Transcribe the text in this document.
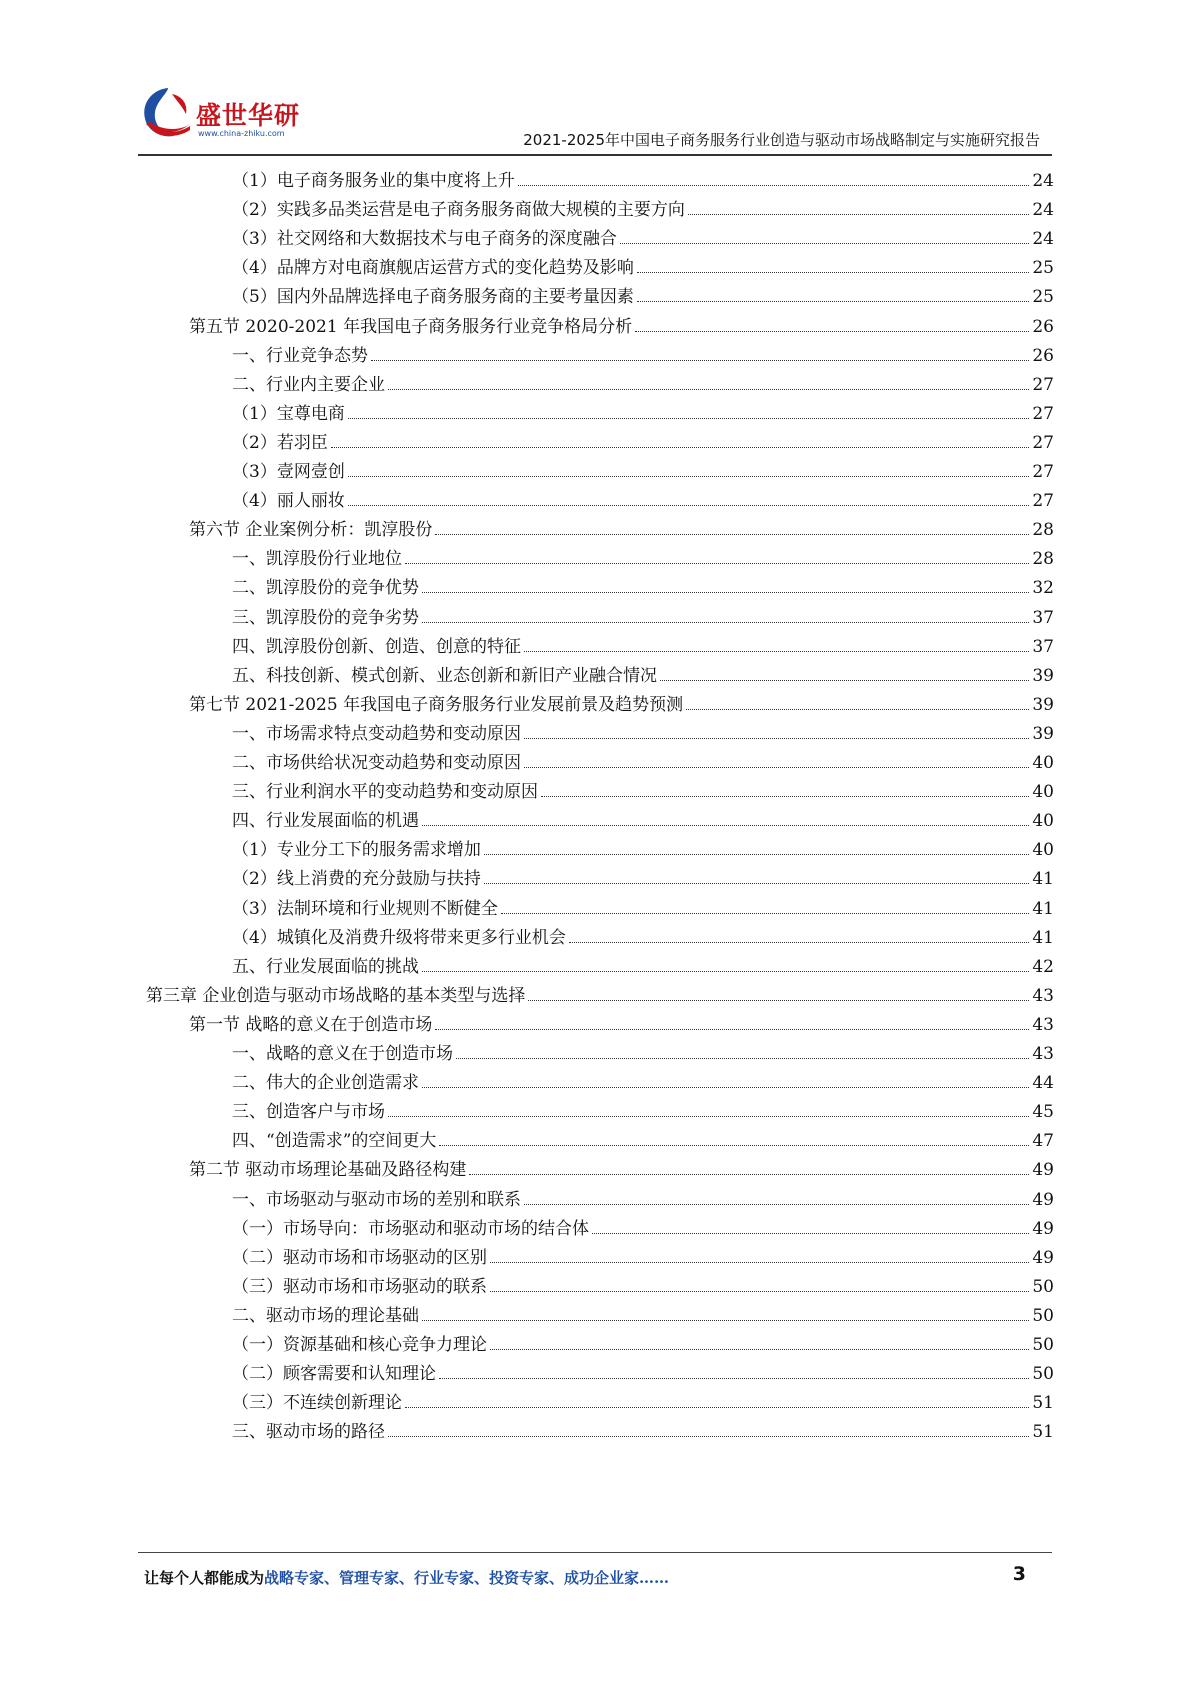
盛世华研
www.china-zhiku.com	2021-2025年中国电子商务服务行业创造与驱动市场战略制定与实施研究报告
（1）电子商务服务业的集中度将上升	24
（2）实践多品类运营是电子商务服务商做大规模的主要方向	24
（3）社交网络和大数据技术与电子商务的深度融合	24
（4）品牌方对电商旗舰店运营方式的变化趋势及影响	25
（5）国内外品牌选择电子商务服务商的主要考量因素	25
第五节 2020-2021 年我国电子商务服务行业竞争格局分析	26
一、行业竞争态势	26
二、行业内主要企业	27
（1）宝尊电商	27
（2）若羽臣	27
（3）壹网壹创	27
（4）丽人丽妆	27
第六节 企业案例分析：凯淳股份	28
一、凯淳股份行业地位	28
二、凯淳股份的竞争优势	32
三、凯淳股份的竞争劣势	37
四、凯淳股份创新、创造、创意的特征	37
五、科技创新、模式创新、业态创新和新旧产业融合情况	39
第七节 2021-2025 年我国电子商务服务行业发展前景及趋势预测	39
一、市场需求特点变动趋势和变动原因	39
二、市场供给状况变动趋势和变动原因	40
三、行业利润水平的变动趋势和变动原因	40
四、行业发展面临的机遇	40
（1）专业分工下的服务需求增加	40
（2）线上消费的充分鼓励与扶持	41
（3）法制环境和行业规则不断健全	41
（4）城镇化及消费升级将带来更多行业机会	41
五、行业发展面临的挑战	42
第三章 企业创造与驱动市场战略的基本类型与选择	43
第一节 战略的意义在于创造市场	43
一、战略的意义在于创造市场	43
二、伟大的企业创造需求	44
三、创造客户与市场	45
四、“创造需求”的空间更大	47
第二节 驱动市场理论基础及路径构建	49
一、市场驱动与驱动市场的差别和联系	49
（一）市场导向：市场驱动和驱动市场的结合体	49
（二）驱动市场和市场驱动的区别	49
（三）驱动市场和市场驱动的联系	50
二、驱动市场的理论基础	50
（一）资源基础和核心竞争力理论	50
（二）顾客需要和认知理论	50
（三）不连续创新理论	51
三、驱动市场的路径	51
让每个人都能成为战略专家、管理专家、行业专家、投资专家、成功企业家……	3
